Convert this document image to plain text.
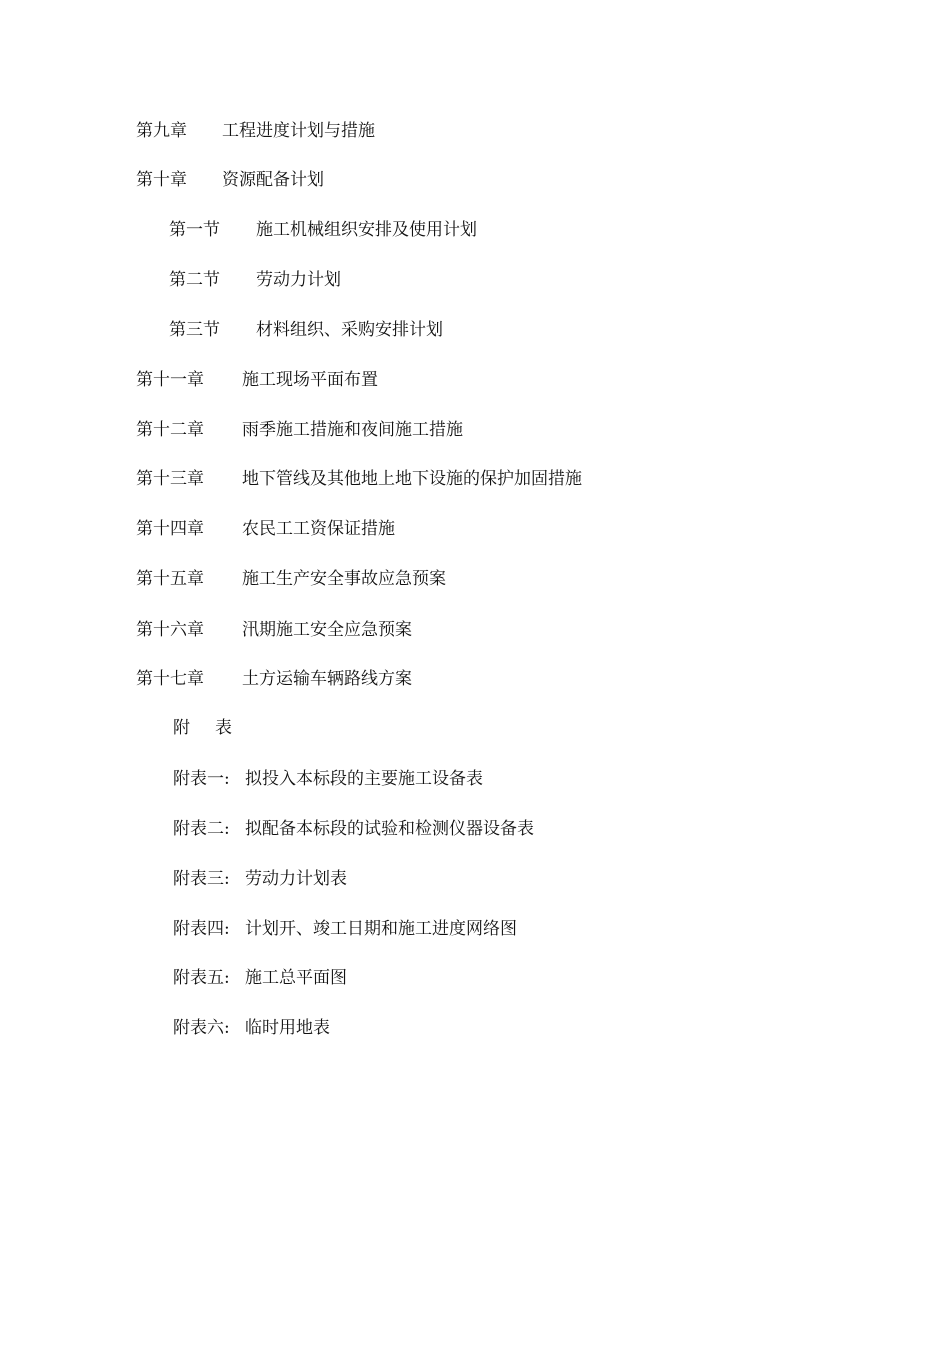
第九章 工程进度计划与措施
第十章 资源配备计划
第一节 施工机械组织安排及使用计划
第二节 劳动力计划
第三节 材料组织、采购安排计划
第十一章 施工现场平面布置
第十二章 雨季施工措施和夜间施工措施
第十三章 地下管线及其他地上地下设施的保护加固措施
第十四章 农民工工资保证措施
第十五章 施工生产安全事故应急预案
第十六章 汛期施工安全应急预案
第十七章 土方运输车辆路线方案
附 表
附表一: 拟投入本标段的主要施工设备表
附表二: 拟配备本标段的试验和检测仪器设备表
附表三: 劳动力计划表
附表四: 计划开、竣工日期和施工进度网络图
附表五: 施工总平面图
附表六: 临时用地表
